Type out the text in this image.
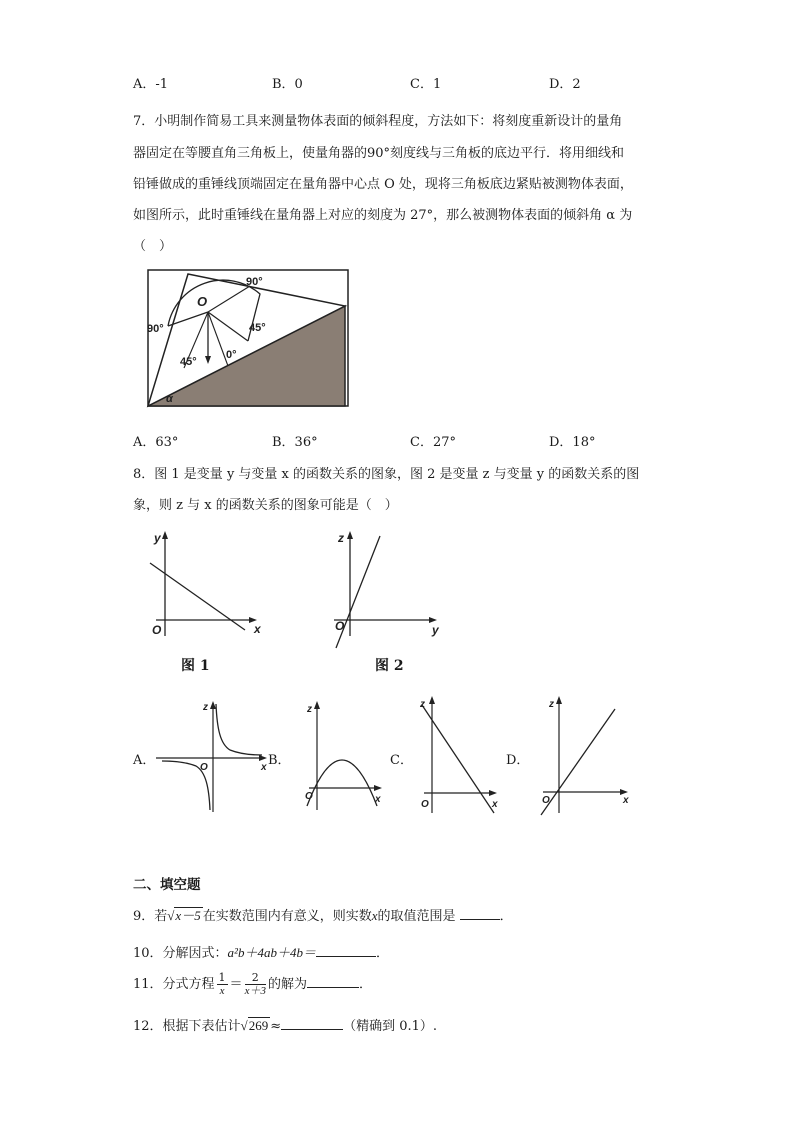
A．-1	B．0	C．1	D．2
7．小明制作简易工具来测量物体表面的倾斜程度，方法如下：将刻度重新设计的量角
器固定在等腰直角三角板上，使量角器的90°刻度线与三角板的底边平行．将用细线和
铅锤做成的重锤线顶端固定在量角器中心点 O 处，现将三角板底边紧贴被测物体表面，
如图所示，此时重锤线在量角器上对应的刻度为 27°，那么被测物体表面的倾斜角 α 为
（　）
O
90°
90°	45°
45°
0°
α
A．63°	B．36°	C．27°	D．18°
8．图 1 是变量 y 与变量 x 的函数关系的图象，图 2 是变量 z 与变量 y 的函数关系的图
象，则 z 与 x 的函数关系的图象可能是（　）
y
x
O
图 1
z
y
O
图 2
A．
z
x
O	B．
z
x
O
C．
z
x
O
D．
z
x
O
二、填空题
9．若√x－5 在实数范围内有意义，则实数x的取值范围是	．
10．分解因式：a²b＋4ab＋4b＝	．
11．分式方程 $\frac{1}{x} = \frac{2}{x+3}$ 的解为	．
12．根据下表估计√269 ≈	（精确到 0.1）.
